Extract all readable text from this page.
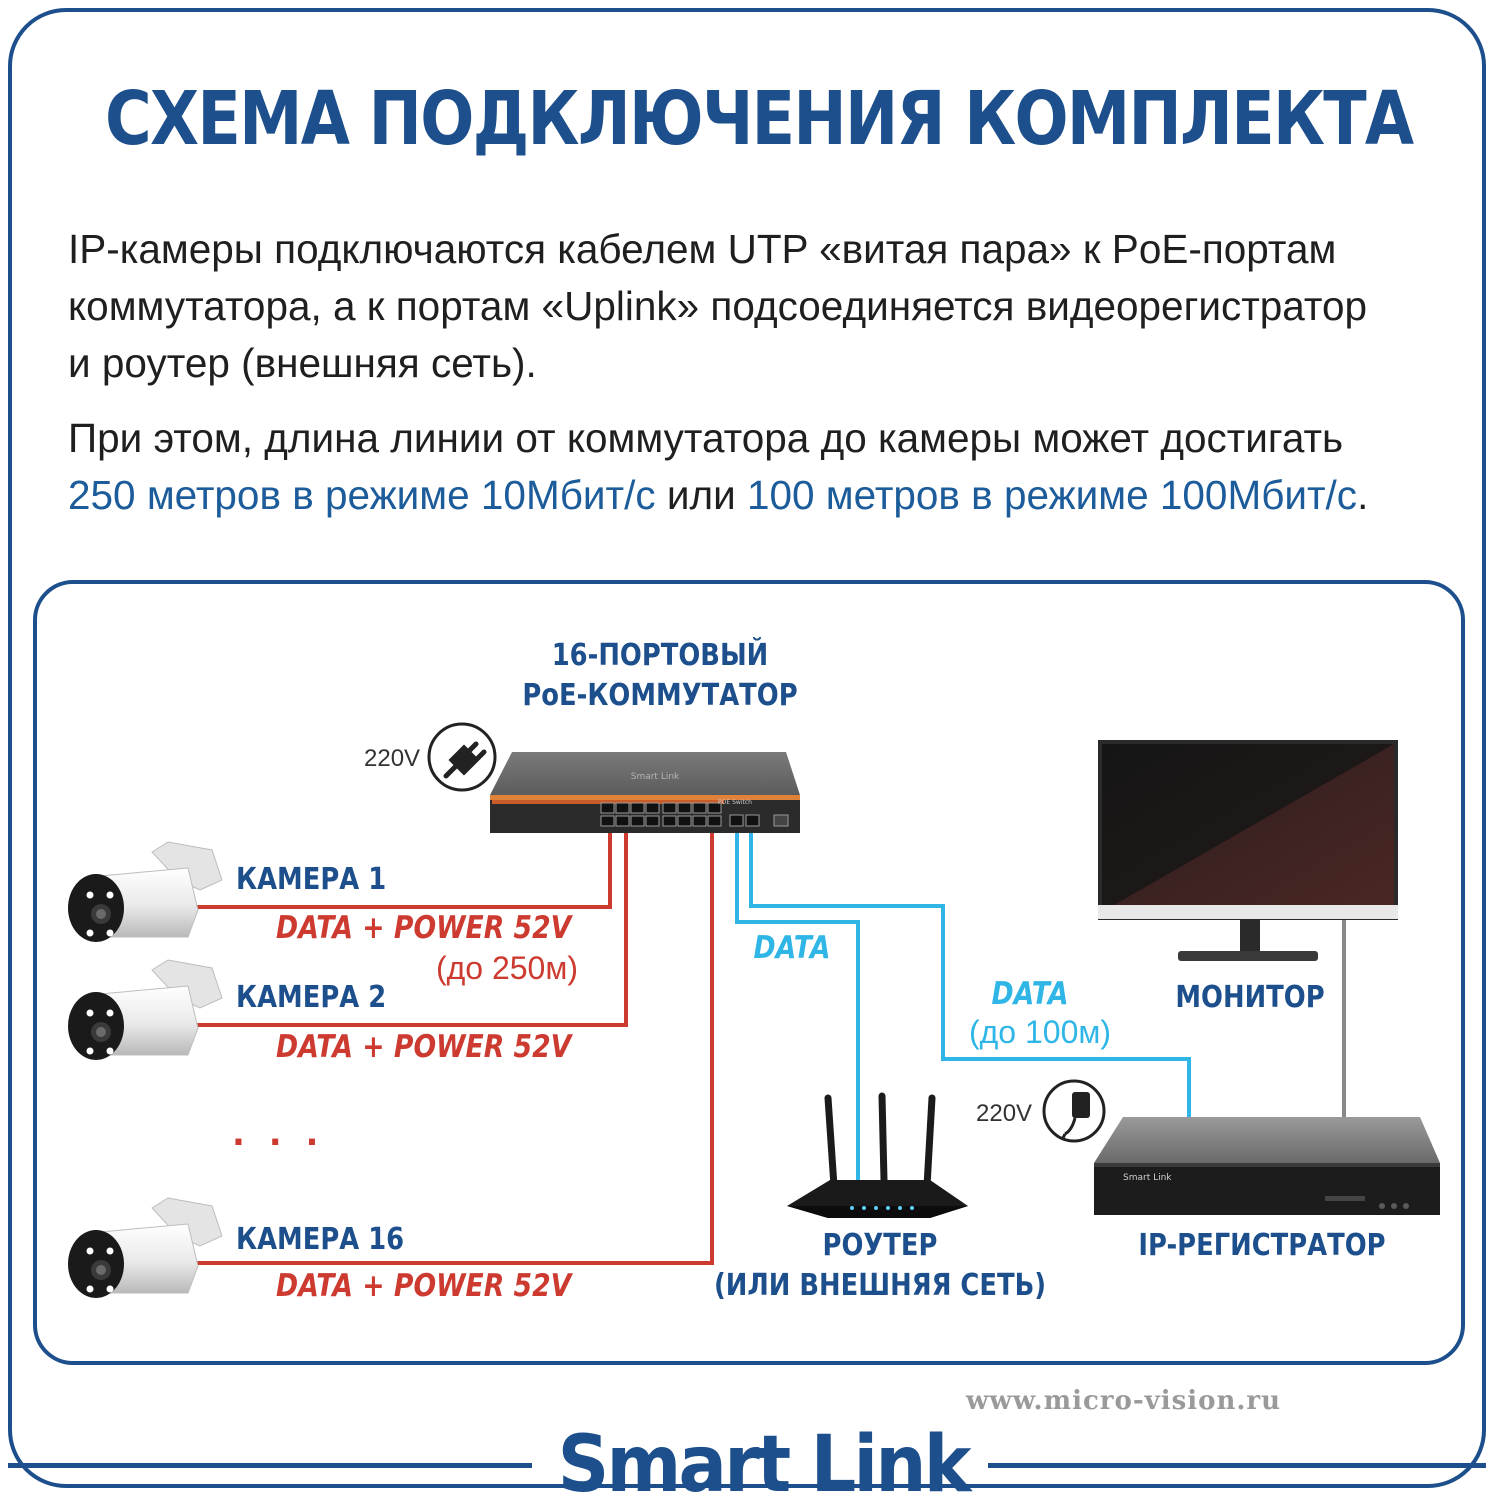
СХЕМА ПОДКЛЮЧЕНИЯ КОМПЛЕКТА
IP-камеры подключаются кабелем UTP «витая пара» к PoE-портам
коммутатора, а к портам «Uplink» подсоединяется видеорегистратор
и роутер (внешняя сеть).
При этом, длина линии от коммутатора до камеры может достигать
250 метров в режиме 10Мбит/с или 100 метров в режиме 100Мбит/с.
Smart Link
POE Switch
Smart Link
16-ПОРТОВЫЙ
PoE-КОММУТАТОР
220V
КАМЕРА 1
DATA + POWER 52V
(до 250м)
КАМЕРА 2
DATA + POWER 52V
. . .
КАМЕРА 16
DATA + POWER 52V
DATA
DATA
(до 100м)
МОНИТОР
220V
IP-РЕГИСТРАТОР
РОУТЕР
(ИЛИ ВНЕШНЯЯ СЕТЬ)
www.micro-vision.ru
Smart Link
